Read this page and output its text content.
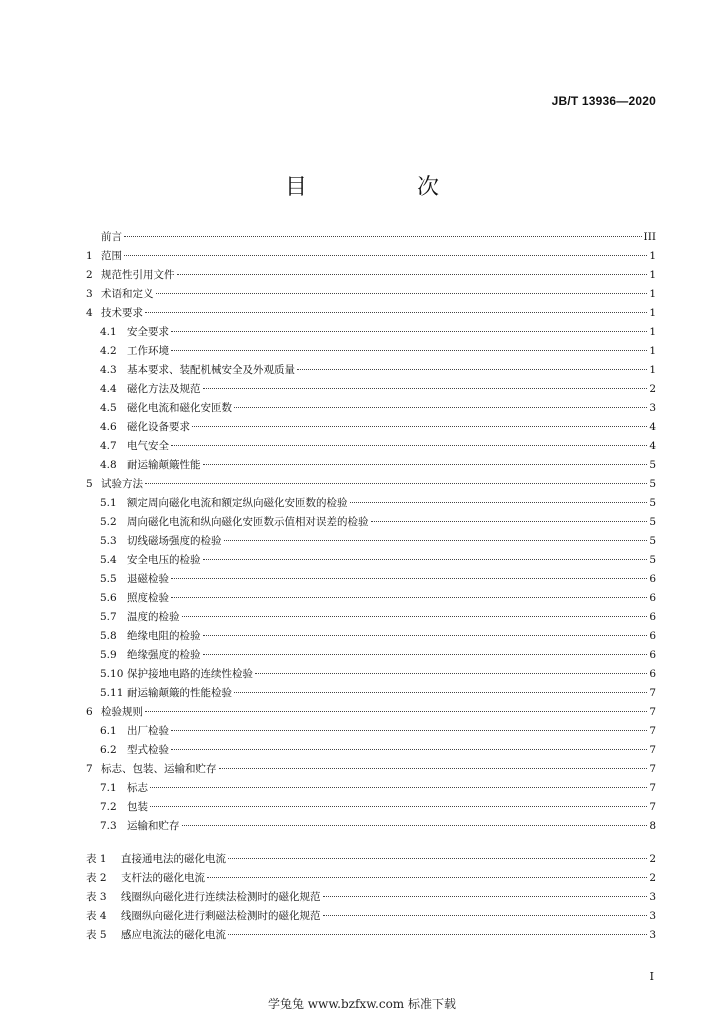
JB/T 13936—2020
目　次
前言	III
1 范围	1
2 规范性引用文件	1
3 术语和定义	1
4 技术要求	1
4.1 安全要求	1
4.2 工作环境	1
4.3 基本要求、装配机械安全及外观质量	1
4.4 磁化方法及规范	2
4.5 磁化电流和磁化安匝数	3
4.6 磁化设备要求	4
4.7 电气安全	4
4.8 耐运输颠簸性能	5
5 试验方法	5
5.1 额定周向磁化电流和额定纵向磁化安匝数的检验	5
5.2 周向磁化电流和纵向磁化安匝数示值相对误差的检验	5
5.3 切线磁场强度的检验	5
5.4 安全电压的检验	5
5.5 退磁检验	6
5.6 照度检验	6
5.7 温度的检验	6
5.8 绝缘电阻的检验	6
5.9 绝缘强度的检验	6
5.10 保护接地电路的连续性检验	6
5.11 耐运输颠簸的性能检验	7
6 检验规则	7
6.1 出厂检验	7
6.2 型式检验	7
7 标志、包装、运输和贮存	7
7.1 标志	7
7.2 包装	7
7.3 运输和贮存	8
表 1	直接通电法的磁化电流	2
表 2	支杆法的磁化电流	2
表 3	线圈纵向磁化进行连续法检测时的磁化规范	3
表 4	线圈纵向磁化进行剩磁法检测时的磁化规范	3
表 5	感应电流法的磁化电流	3
I
学兔兔 www.bzfxw.com 标准下载
